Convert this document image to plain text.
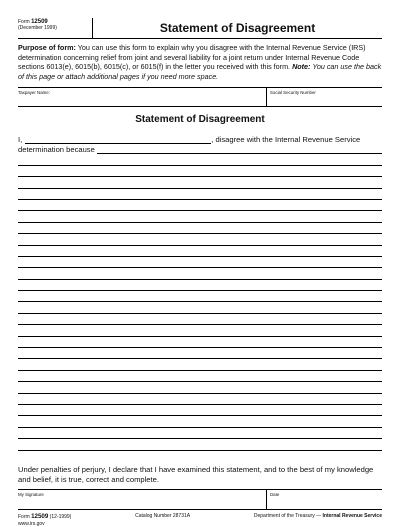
Form 12509
(December 1999)	Statement of Disagreement
Purpose of form: You can use this form to explain why you disagree with the Internal Revenue Service (IRS) determination concerning relief from joint and several liability for a joint return under Internal Revenue Code sections 6013(e), 6015(b), 6015(c), or 6015(f) in the letter you received with this form. Note: You can use the back of this page or attach additional pages if you need more space.
Taxpayer Name:	Social Security Number
Statement of Disagreement
I,	, disagree with the Internal Revenue Service
determination because
Under penalties of perjury, I declare that I have examined this statement, and to the best of my knowledge and belief, it is true, correct and complete.
My Signature	Date
Form 12509 (12-1999)	Catalog Number 28731A	Department of the Treasury — Internal Revenue Service
www.irs.gov
